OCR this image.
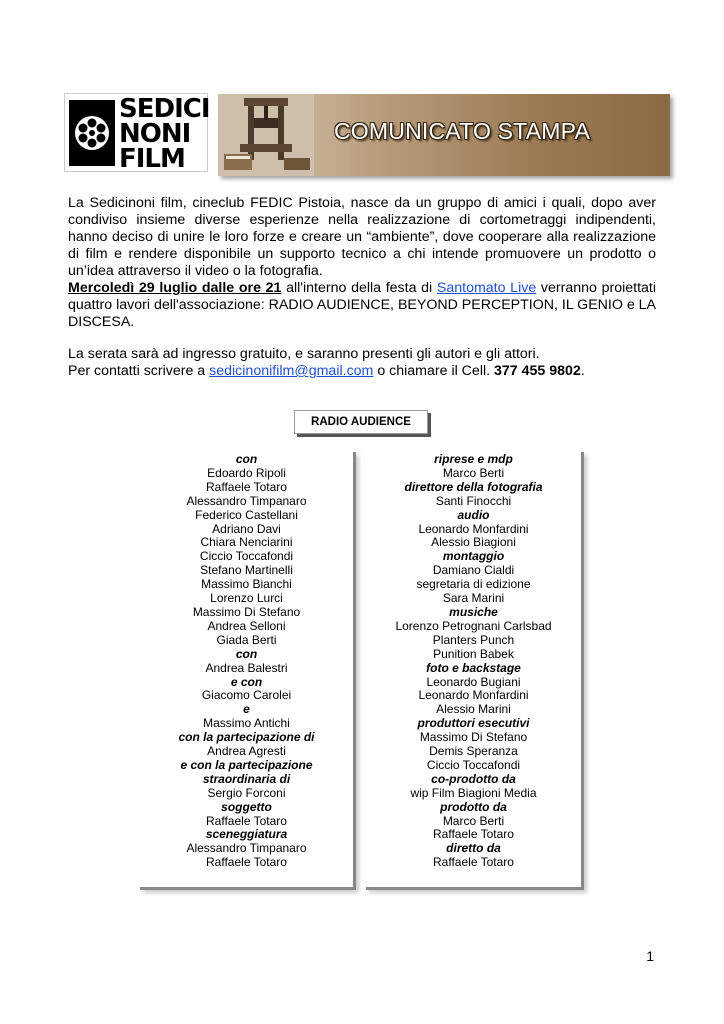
SEDICI
NONI
FILM
COMUNICATO STAMPA

La Sedicinoni film, cineclub FEDIC Pistoia, nasce da un gruppo di amici i quali, dopo aver condiviso insieme diverse esperienze nella realizzazione di cortometraggi indipendenti, hanno deciso di unire le loro forze e creare un “ambiente”, dove cooperare alla realizzazione di film e rendere disponibile un supporto tecnico a chi intende promuovere un prodotto o un’idea attraverso il video o la fotografia.

Mercoledì 29 luglio dalle ore 21 all'interno della festa di Santomato Live verranno proiettati quattro lavori dell'associazione: RADIO AUDIENCE, BEYOND PERCEPTION, IL GENIO e LA DISCESA.

La serata sarà ad ingresso gratuito, e saranno presenti gli autori e gli attori.

Per contatti scrivere a sedicinonifilm@gmail.com o chiamare il Cell. 377 455 9802.

RADIO AUDIENCE
con
Edoardo Ripoli
Raffaele Totaro
Alessandro Timpanaro
Federico Castellani
Adriano Davi
Chiara Nenciarini
Ciccio Toccafondi
Stefano Martinelli
Massimo Bianchi
Lorenzo Lurci
Massimo Di Stefano
Andrea Selloni
Giada Berti
con
Andrea Balestri
e con
Giacomo Carolei
e
Massimo Antichi
con la partecipazione di
Andrea Agresti
e con la partecipazione
straordinaria di
Sergio Forconi
soggetto
Raffaele Totaro
sceneggiatura
Alessandro Timpanaro
Raffaele Totaro
riprese e mdp
Marco Berti
direttore della fotografia
Santi Finocchi
audio
Leonardo Monfardini
Alessio Biagioni
montaggio
Damiano Cialdi
segretaria di edizione
Sara Marini
musiche
Lorenzo Petrognani Carlsbad
Planters Punch
Punition Babek
foto e backstage
Leonardo Bugiani
Leonardo Monfardini
Alessio Marini
produttori esecutivi
Massimo Di Stefano
Demis Speranza
Ciccio Toccafondi
co-prodotto da
wip Film Biagioni Media
prodotto da
Marco Berti
Raffaele Totaro
diretto da
Raffaele Totaro
1
